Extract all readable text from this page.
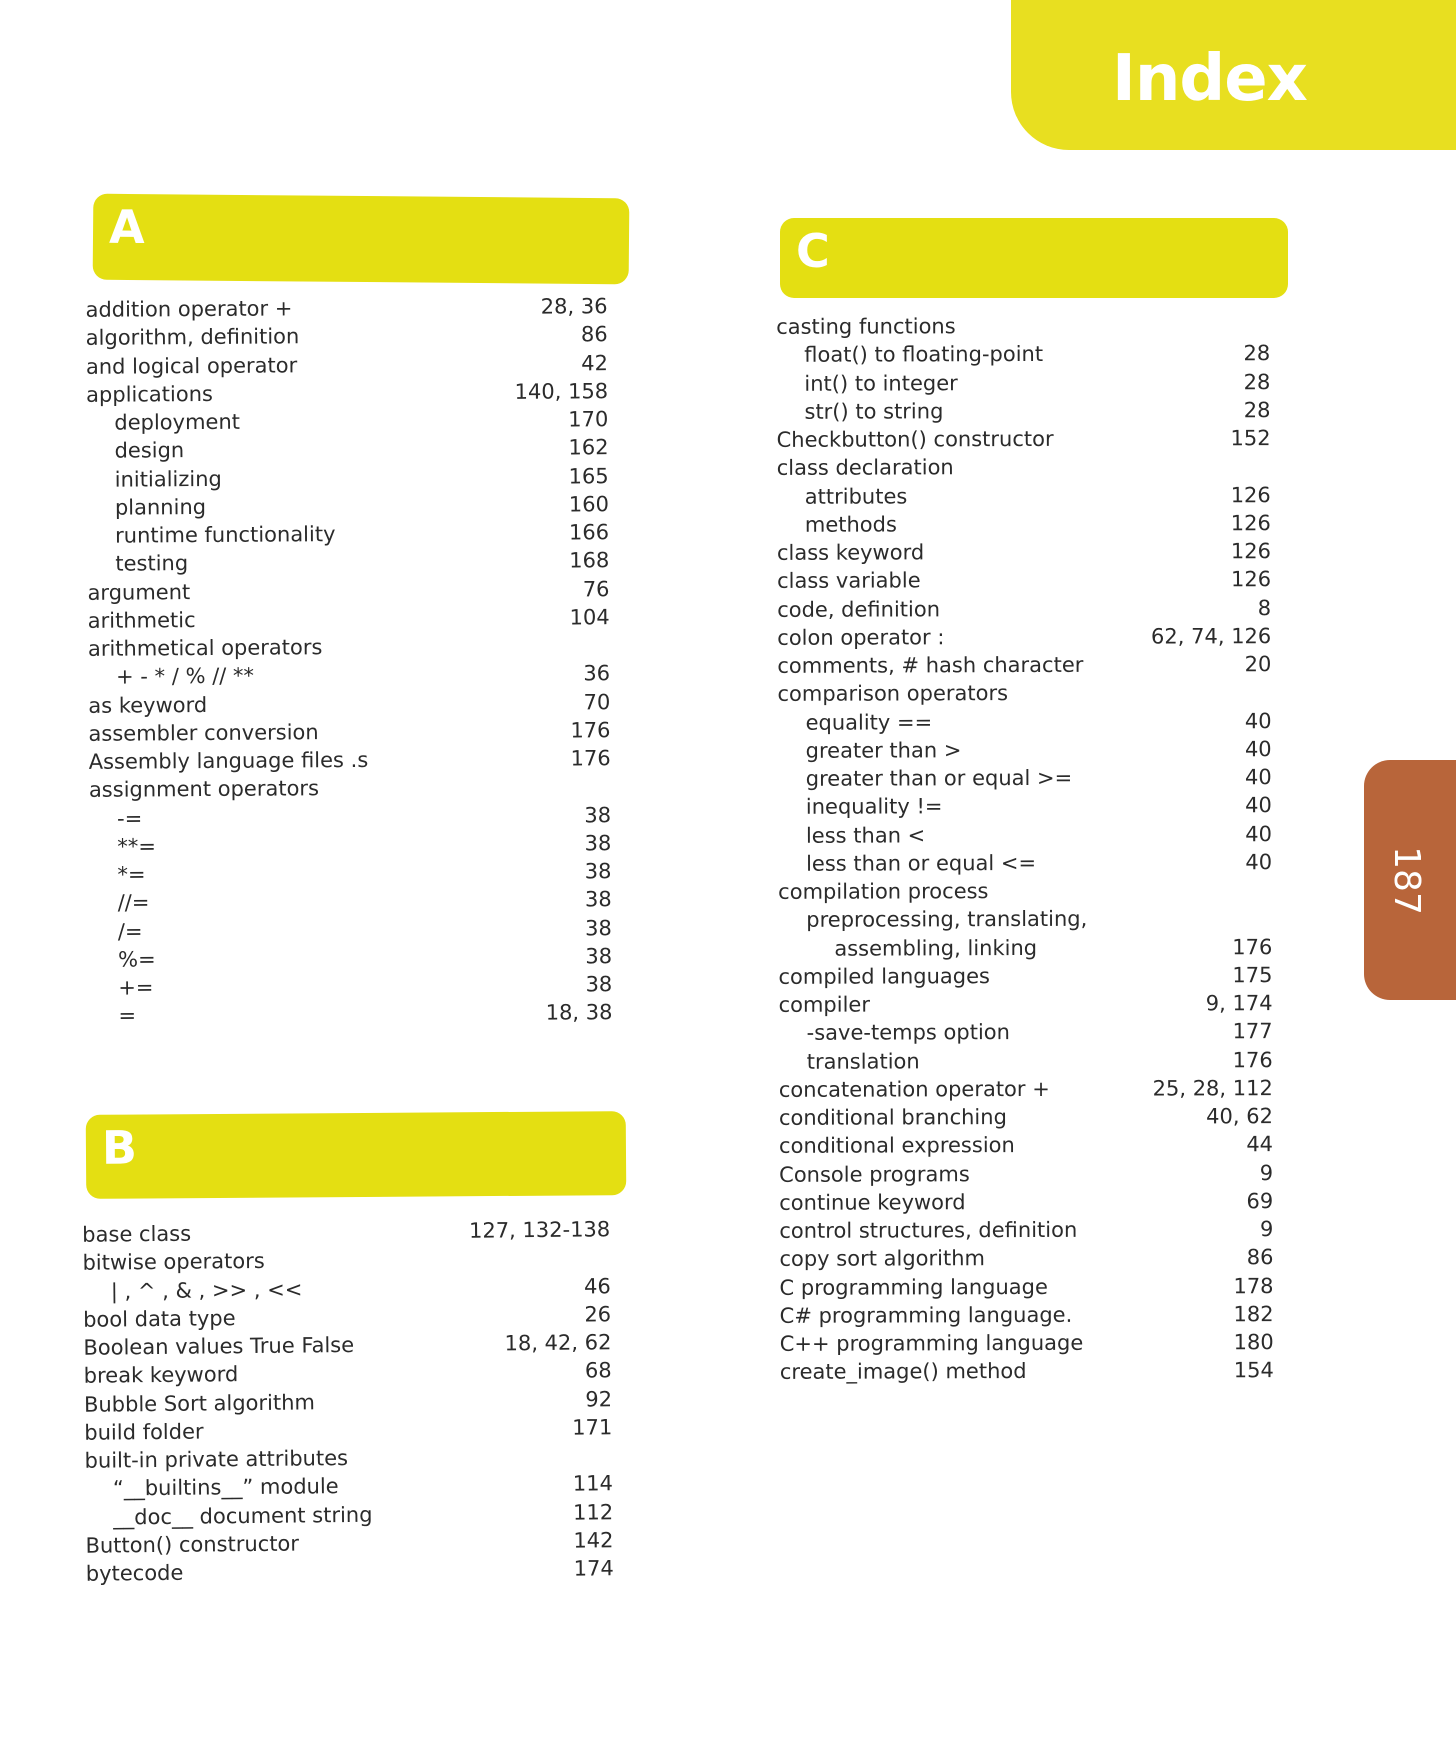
Index
187
A
addition operator +	28, 36
algorithm, definition	86
and logical operator	42
applications	140, 158
deployment	170
design	162
initializing	165
planning	160
runtime functionality	166
testing	168
argument	76
arithmetic	104
arithmetical operators
+ - * / % // **	36
as keyword	70
assembler conversion	176
Assembly language files .s	176
assignment operators
-=	38
**=	38
*=	38
//=	38
/=	38
%=	38
+=	38
=	18, 38
B
base class	127, 132-138
bitwise operators
| , ^ , & , >> , <<	46
bool data type	26
Boolean values True False	18, 42, 62
break keyword	68
Bubble Sort algorithm	92
build folder	171
built-in private attributes
“__builtins__” module	114
__doc__ document string	112
Button() constructor	142
bytecode	174
C
casting functions
float() to floating-point	28
int() to integer	28
str() to string	28
Checkbutton() constructor	152
class declaration
attributes	126
methods	126
class keyword	126
class variable	126
code, definition	8
colon operator :	62, 74, 126
comments, # hash character	20
comparison operators
equality ==	40
greater than >	40
greater than or equal >=	40
inequality !=	40
less than <	40
less than or equal <=	40
compilation process
preprocessing, translating,
assembling, linking	176
compiled languages	175
compiler	9, 174
-save-temps option	177
translation	176
concatenation operator +	25, 28, 112
conditional branching	40, 62
conditional expression	44
Console programs	9
continue keyword	69
control structures, definition	9
copy sort algorithm	86
C programming language	178
C# programming language.	182
C++ programming language	180
create_image() method	154
